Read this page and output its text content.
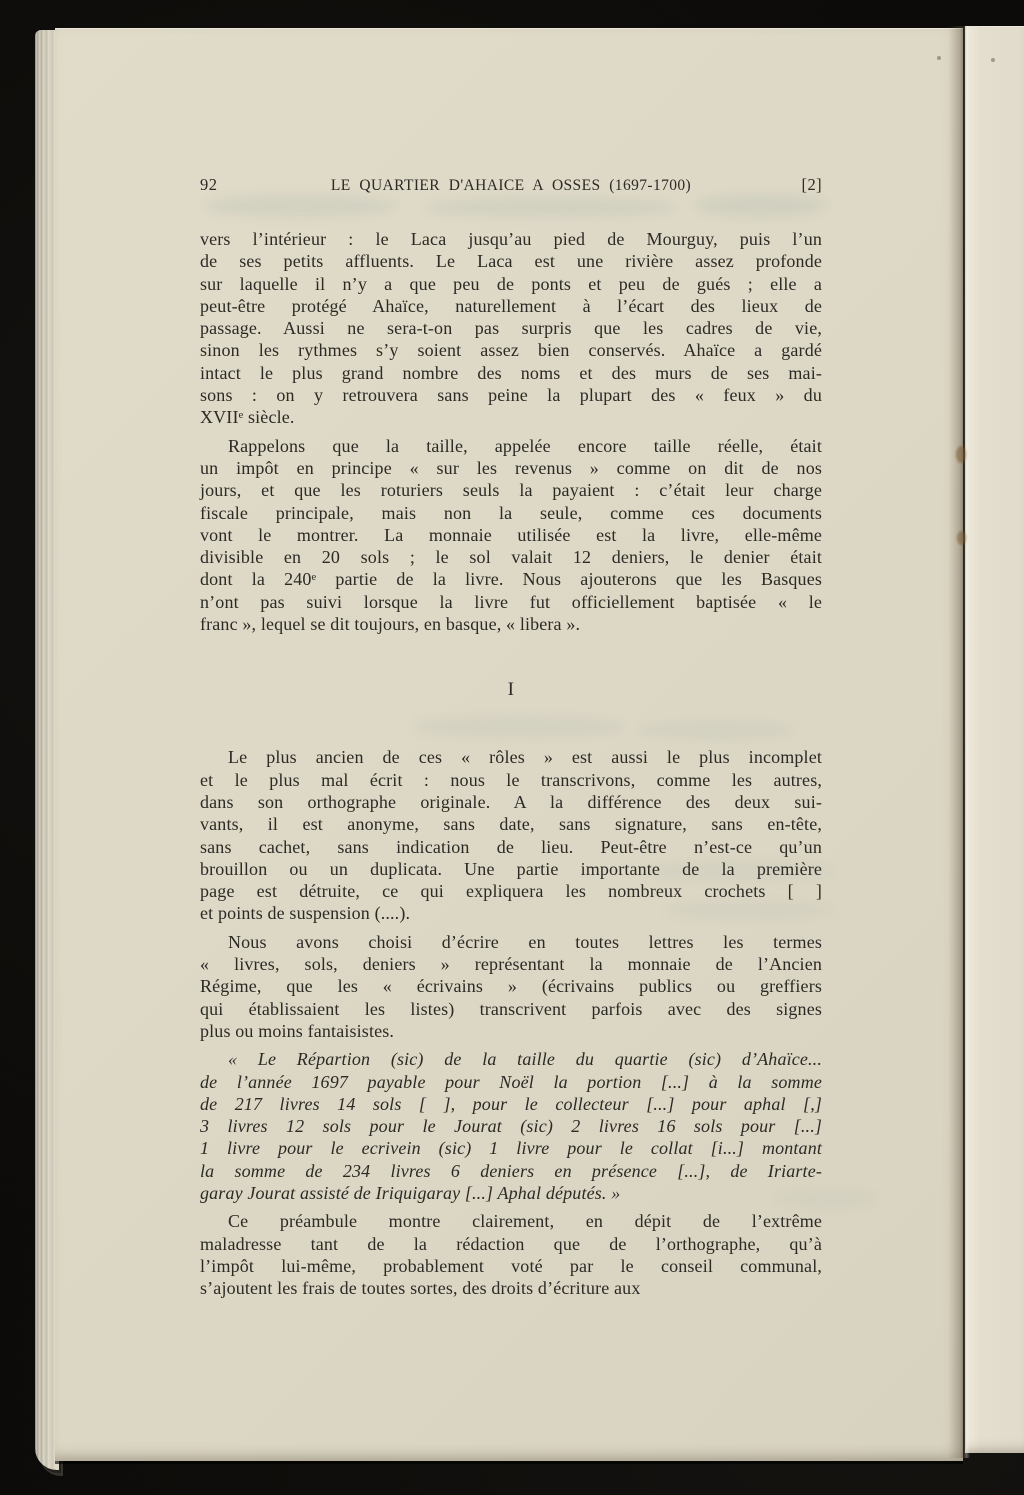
92	LE QUARTIER D'AHAICE A OSSES (1697-1700)	[2]
vers l’intérieur : le Laca jusqu’au pied de Mourguy, puis l’un
de ses petits affluents. Le Laca est une rivière assez profonde
sur laquelle il n’y a que peu de ponts et peu de gués ; elle a
peut-être protégé Ahaïce, naturellement à l’écart des lieux de
passage. Aussi ne sera-t-on pas surpris que les cadres de vie,
sinon les rythmes s’y soient assez bien conservés. Ahaïce a gardé
intact le plus grand nombre des noms et des murs de ses mai-
sons : on y retrouvera sans peine la plupart des « feux » du
XVIIᵉ siècle.
Rappelons que la taille, appelée encore taille réelle, était
un impôt en principe « sur les revenus » comme on dit de nos
jours, et que les roturiers seuls la payaient : c’était leur charge
fiscale principale, mais non la seule, comme ces documents
vont le montrer. La monnaie utilisée est la livre, elle-même
divisible en 20 sols ; le sol valait 12 deniers, le denier était
dont la 240ᵉ partie de la livre. Nous ajouterons que les Basques
n’ont pas suivi lorsque la livre fut officiellement baptisée « le
franc », lequel se dit toujours, en basque, « libera ».
I
Le plus ancien de ces « rôles » est aussi le plus incomplet
et le plus mal écrit : nous le transcrivons, comme les autres,
dans son orthographe originale. A la différence des deux sui-
vants, il est anonyme, sans date, sans signature, sans en-tête,
sans cachet, sans indication de lieu. Peut-être n’est-ce qu’un
brouillon ou un duplicata. Une partie importante de la première
page est détruite, ce qui expliquera les nombreux crochets [ ]
et points de suspension (....).
Nous avons choisi d’écrire en toutes lettres les termes
« livres, sols, deniers » représentant la monnaie de l’Ancien
Régime, que les « écrivains » (écrivains publics ou greffiers
qui établissaient les listes) transcrivent parfois avec des signes
plus ou moins fantaisistes.
« Le Répartion (sic) de la taille du quartie (sic) d’Ahaïce...
de l’année 1697 payable pour Noël la portion [...] à la somme
de 217 livres 14 sols [ ], pour le collecteur [...] pour aphal [,]
3 livres 12 sols pour le Jourat (sic) 2 livres 16 sols pour [...]
1 livre pour le ecrivein (sic) 1 livre pour le collat [i...] montant
la somme de 234 livres 6 deniers en présence [...], de Iriarte-
garay Jourat assisté de Iriquigaray [...] Aphal députés. »
Ce préambule montre clairement, en dépit de l’extrême
maladresse tant de la rédaction que de l’orthographe, qu’à
l’impôt lui-même, probablement voté par le conseil communal,
s’ajoutent les frais de toutes sortes, des droits d’écriture aux
